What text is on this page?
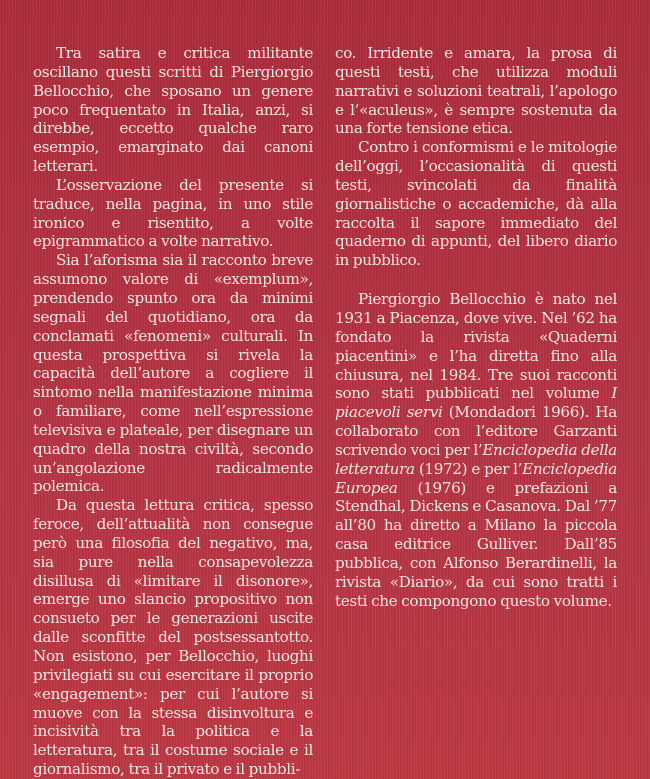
Tra satira e critica militante oscillano questi scritti di Piergiorgio Bellocchio, che sposano un genere poco frequentato in Italia, anzi, si direbbe, eccetto qualche raro esempio, emarginato dai canoni letterari.

L’osservazione del presente si traduce, nella pagina, in uno stile ironico e risentito, a volte epigrammatico a volte narrativo.

Sia l’aforisma sia il racconto breve assumono valore di «exemplum», prendendo spunto ora da minimi segnali del quotidiano, ora da conclamati «fenomeni» culturali. In questa prospettiva si rivela la capacità dell’autore a cogliere il sintomo nella manifestazione minima o familiare, come nell’espressione televisiva e plateale, per disegnare un quadro della nostra civiltà, secondo un’angolazione radicalmente polemica.

Da questa lettura critica, spesso feroce, dell’attualità non consegue però una filosofia del negativo, ma, sia pure nella consapevolezza disillusa di «limitare il disonore», emerge uno slancio propositivo non consueto per le generazioni uscite dalle sconfitte del postsessantotto. Non esistono, per Bellocchio, luoghi privilegiati su cui esercitare il proprio «engagement»: per cui l’autore si muove con la stessa disinvoltura e incisività tra la politica e la letteratura, tra il costume sociale e il giornalismo, tra il privato e il pubbli-

co. Irridente e amara, la prosa di questi testi, che utilizza moduli narrativi e soluzioni teatrali, l’apologo e l’«aculeus», è sempre sostenuta da una forte tensione etica.

Contro i conformismi e le mitologie dell’oggi, l’occasionalità di questi testi, svincolati da finalità giornalistiche o accademiche, dà alla raccolta il sapore immediato del quaderno di appunti, del libero diario in pubblico.

Piergiorgio Bellocchio è nato nel 1931 a Piacenza, dove vive. Nel ’62 ha fondato la rivista «Quaderni piacentini» e l’ha diretta fino alla chiusura, nel 1984. Tre suoi racconti sono stati pubblicati nel volume I piacevoli servi (Mondadori 1966). Ha collaborato con l’editore Garzanti scrivendo voci per l’Enciclopedia della letteratura (1972) e per l’Enciclopedia Europea (1976) e prefazioni a Stendhal, Dickens e Casanova. Dal ’77 all’80 ha diretto a Milano la piccola casa editrice Gulliver. Dall’85 pubblica, con Alfonso Berardinelli, la rivista «Diario», da cui sono tratti i testi che compongono questo volume.
